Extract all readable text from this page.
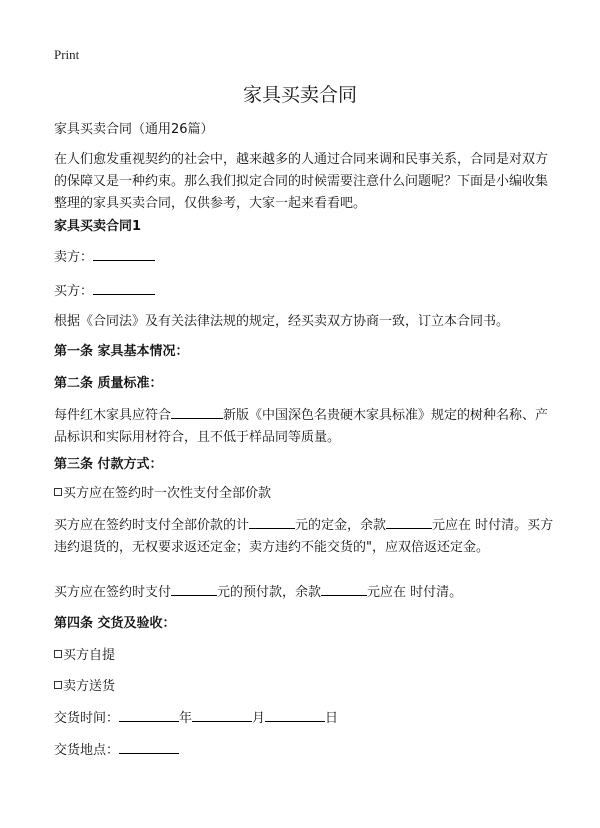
Print
家具买卖合同

家具买卖合同（通用26篇）

在人们愈发重视契约的社会中，越来越多的人通过合同来调和民事关系，合同是对双方的保障又是一种约束。那么我们拟定合同的时候需要注意什么问题呢？下面是小编收集整理的家具买卖合同，仅供参考，大家一起来看看吧。

家具买卖合同1

卖方：

买方：

根据《合同法》及有关法律法规的规定，经买卖双方协商一致，订立本合同书。

第一条 家具基本情况：

第二条 质量标准：

每件红木家具应符合	新版《中国深色名贵硬木家具标准》规定的树种名称、产品标识和实际用材符合，且不低于样品同等质量。

第三条 付款方式：

买方应在签约时一次性支付全部价款

买方应在签约时支付全部价款的计	元的定金，余款	元应在 时付清。买方违约退货的，无权要求返还定金；卖方违约不能交货的"，应双倍返还定金。

买方应在签约时支付	元的预付款，余款	元应在 时付清。

第四条 交货及验收：

买方自提

卖方送货

交货时间：	年	月	日

交货地点：
